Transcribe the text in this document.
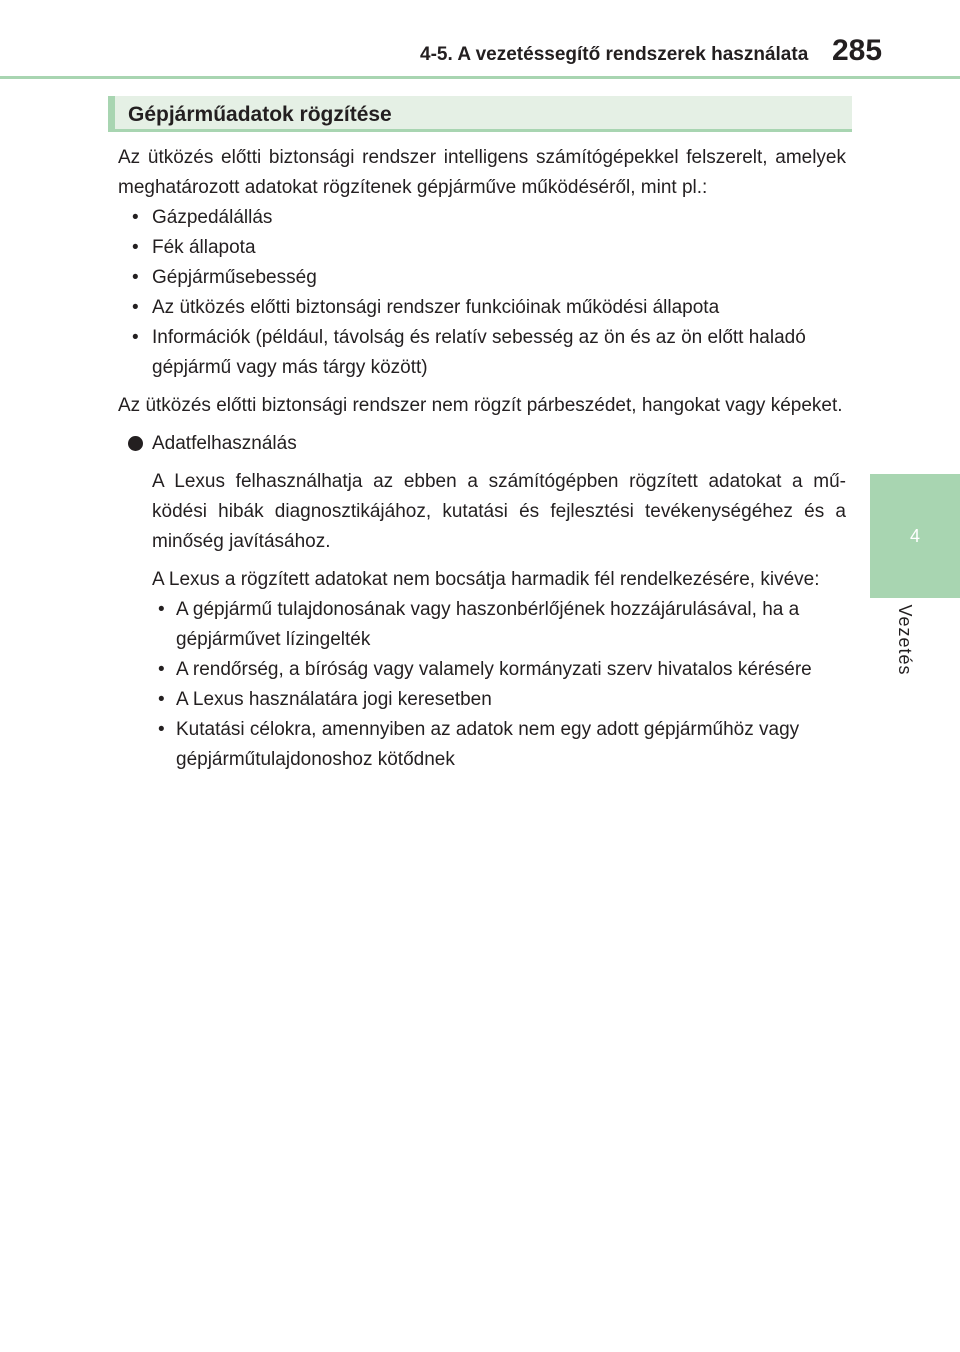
4-5. A vezetéssegítő rendszerek használata 285
4
Vezetés
Gépjárműadatok rögzítése

Az ütközés előtti biztonsági rendszer intelligens számítógépekkel felszerelt, amelyek meghatározott adatokat rögzítenek gépjárműve működéséről, mint pl.:

• Gázpedálállás
• Fék állapota
• Gépjárműsebesség
• Az ütközés előtti biztonsági rendszer funkcióinak működési állapota
• Információk (például, távolság és relatív sebesség az ön és az ön előtt haladó gépjármű vagy más tárgy között)

Az ütközés előtti biztonsági rendszer nem rögzít párbeszédet, hangokat vagy képeket.

Adatfelhasználás

A Lexus felhasználhatja az ebben a számítógépben rögzített adatokat a mű-ködési hibák diagnosztikájához, kutatási és fejlesztési tevékenységéhez és a minőség javításához.

A Lexus a rögzített adatokat nem bocsátja harmadik fél rendelkezésére, kivéve:

• A gépjármű tulajdonosának vagy haszonbérlőjének hozzájárulásával, ha a gépjárművet lízingelték
• A rendőrség, a bíróság vagy valamely kormányzati szerv hivatalos kérésére
• A Lexus használatára jogi keresetben
• Kutatási célokra, amennyiben az adatok nem egy adott gépjárműhöz vagy gépjárműtulajdonoshoz kötődnek
